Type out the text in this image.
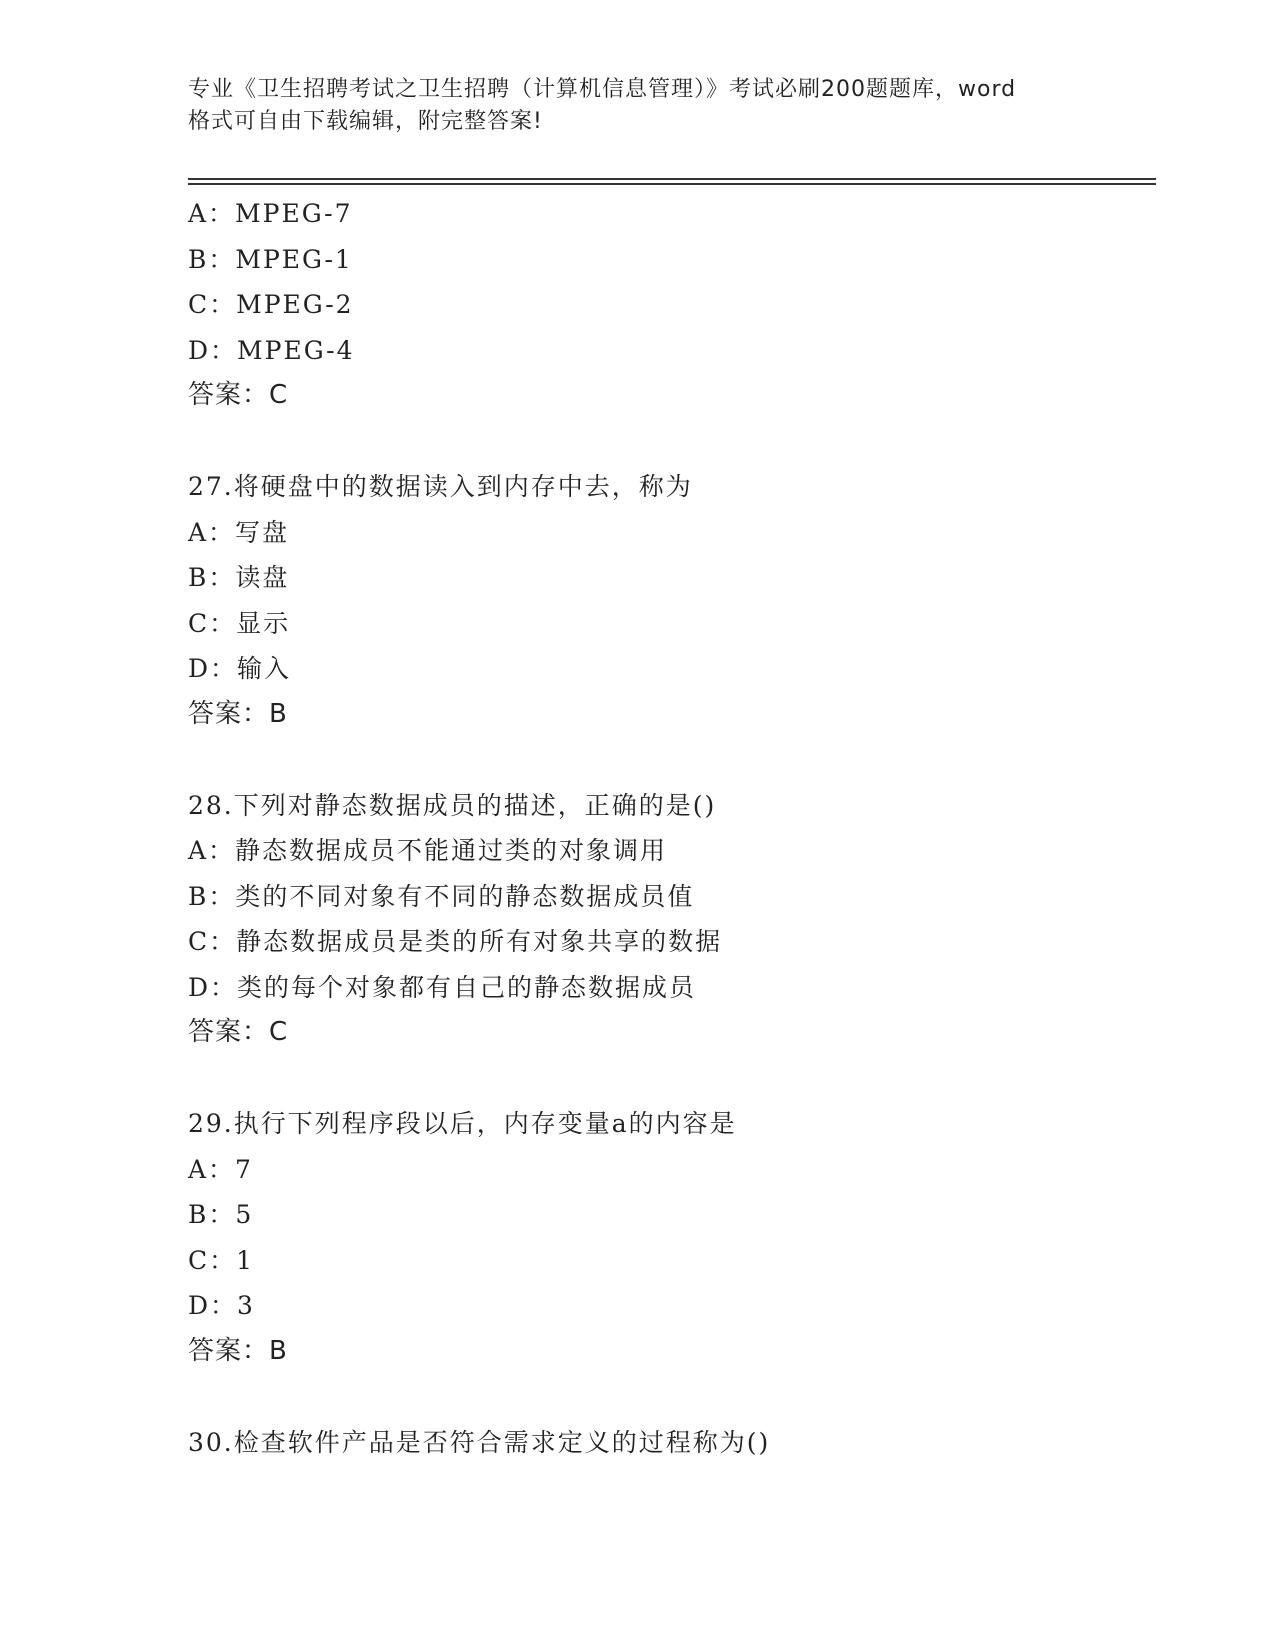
专业《卫生招聘考试之卫生招聘（计算机信息管理）》考试必刷200题题库，word
格式可自由下载编辑，附完整答案!
A：MPEG-7
B：MPEG-1
C：MPEG-2
D：MPEG-4
答案：C
27.将硬盘中的数据读入到内存中去，称为
A：写盘
B：读盘
C：显示
D：输入
答案：B
28.下列对静态数据成员的描述，正确的是()
A：静态数据成员不能通过类的对象调用
B：类的不同对象有不同的静态数据成员值
C：静态数据成员是类的所有对象共享的数据
D：类的每个对象都有自己的静态数据成员
答案：C
29.执行下列程序段以后，内存变量a的内容是
A：7
B：5
C：1
D：3
答案：B
30.检查软件产品是否符合需求定义的过程称为()
